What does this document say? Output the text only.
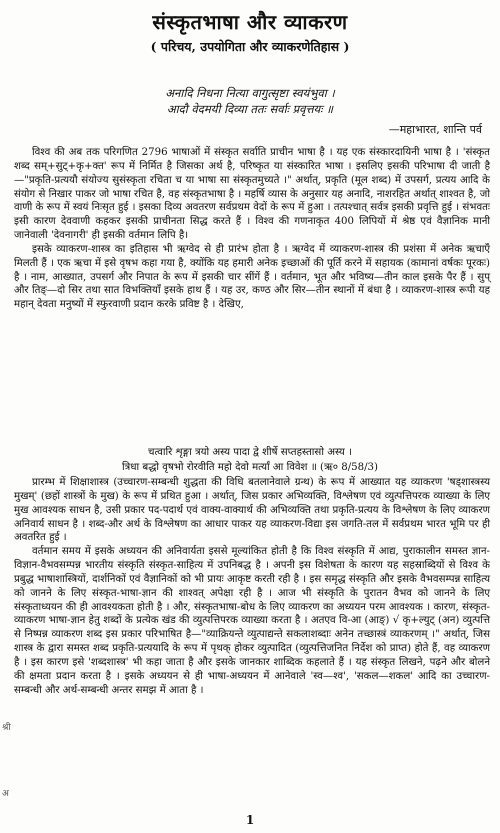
संस्कृतभाषा और व्याकरण
( परिचय, उपयोगिता और व्याकरणेतिहास )
अनादि निधना नित्या वागुत्सृष्टा स्वयंभुवा ।
आदौ वेदमयी दिव्या ततः सर्वाः प्रवृत्तयः ॥
—महाभारत, शान्ति पर्व

विश्व की अब तक परिगणित 2796 भाषाओं में संस्कृत सर्वाति प्राचीन भाषा है । यह एक संस्कारदायिनी भाषा है । 'संस्कृत शब्द सम्+सुट्+कृ+क्त' रूप में निर्मित है जिसका अर्थ है, परिष्कृत या संस्कारित भाषा । इसलिए इसकी परिभाषा दी जाती है—"प्रकृति-प्रत्ययौ संयोज्य सुसंस्कृता रचिता च या भाषा सा संस्कृतमुच्यते ।" अर्थात्, प्रकृति (मूल शब्द) में उपसर्ग, प्रत्यय आदि के संयोग से निखार पाकर जो भाषा रचित है, वह संस्कृतभाषा है । महर्षि व्यास के अनुसार यह अनादि, नाशरहित अर्थात् शाश्वत है, जो वाणी के रूप में स्वयं निःसृत हुई । इसका दिव्य अवतरण सर्वप्रथम वेदों के रूप में हुआ । तत्पश्चात् सर्वत्र इसकी प्रवृत्ति हुई । संभवतः इसी कारण देववाणी कहकर इसकी प्राचीनता सिद्ध करते हैं । विश्व की गणनाकृत 400 लिपियों में श्रेष्ठ एवं वैज्ञानिक मानी जानेवाली 'देवनागरी' ही इसकी वर्तमान लिपि है।

इसके व्याकरण-शास्त्र का इतिहास भी ऋग्वेद से ही प्रारंभ होता है । ऋग्वेद में व्याकरण-शास्त्र की प्रशंसा में अनेक ऋचाएँ मिलती हैं । एक ऋचा में इसे वृषभ कहा गया है, क्योंकि यह हमारी अनेक इच्छाओं की पूर्ति करने में सहायक (कामानां वर्षकः पूरकः) है । नाम, आख्यात, उपसर्ग और निपात के रूप में इसकी चार सींगें हैं । वर्तमान, भूत और भविष्य—तीन काल इसके पैर हैं । सुप् और तिङ्—दो सिर तथा सात विभक्तियाँ इसके हाथ हैं । यह उर, कण्ठ और सिर—तीन स्थानों में बंधा है । व्याकरण-शास्त्र रूपी यह महान् देवता मनुष्यों में स्फुरवाणी प्रदान करके प्रविष्ट है । देखिए,

चत्वारि शृङ्गा त्रयो अस्य पादा द्वे शीर्षे सप्तहस्तासो अस्य ।
त्रिधा बद्धो वृषभो रोरवीति महो देवो मर्त्यां आ विवेश ॥ (ऋ० 8/58/3)

प्रारम्भ में शिक्षाशास्त्र (उच्चारण-सम्बन्धी शुद्धता की विधि बतलानेवाले ग्रन्थ) के रूप में आख्यात यह व्याकरण 'षड्शास्त्रस्य मुखम्' (छहों शास्त्रों के मुख) के रूप में प्रथित हुआ । अर्थात्, जिस प्रकार अभिव्यक्ति, विश्लेषण एवं व्युत्पत्तिपरक व्याख्या के लिए मुख आवश्यक साधन है, उसी प्रकार पद-पदार्थ एवं वाक्य-वाक्यार्थ की अभिव्यक्ति तथा प्रकृति-प्रत्यय के विश्लेषण के लिए व्याकरण अनिवार्य साधन है । शब्द-और अर्थ के विश्लेषण का आधार पाकर यह व्याकरण-विद्या इस जगति-तल में सर्वप्रथम भारत भूमि पर ही अवतरित हुई ।

वर्तमान समय में इसके अध्ययन की अनिवार्यता इससे मूल्यांकित होती है कि विश्व संस्कृति में आद्य, पुराकालीन समस्त ज्ञान-विज्ञान-वैभवसम्पन्न भारतीय संस्कृति संस्कृत-साहित्य में उपनिबद्ध है । अपनी इस विशेषता के कारण यह सहस्राब्दियों से विश्व के प्रबुद्ध भाषाशास्त्रियों, दार्शनिकों एवं वैज्ञानिकों को भी प्रायः आकृष्ट करती रही है । इस समृद्ध संस्कृति और इसके वैभवसम्पन्न साहित्य को जानने के लिए संस्कृत-भाषा-ज्ञान की शाश्वत् अपेक्षा रही है । आज भी संस्कृति के पुरातन वैभव को जानने के लिए संस्कृताध्ययन की ही आवश्यकता होती है । और, संस्कृतभाषा-बोध के लिए व्याकरण का अध्ययन परम आवश्यक । कारण, संस्कृत-व्याकरण भाषा-ज्ञान हेतु शब्दों के प्रत्येक खंड की व्युत्पत्तिपरक व्याख्या करता है । अतएव वि-आ (आङ्) √ कृ+ल्युट् (अन) व्युत्पत्ति से निष्पन्न व्याकरण शब्द इस प्रकार परिभाषित है—"व्याक्रियन्ते व्युत्पाद्यन्ते सकलाशब्दाः अनेन तच्छास्त्रं व्याकरणम् ।" अर्थात्, जिस शास्त्र के द्वारा समस्त शब्द प्रकृति-प्रत्ययादि के रूप में पृथक् होकर व्युत्पादित (व्युत्पत्तिजनित निर्देश को प्राप्त) होते हैं, वह व्याकरण है । इस कारण इसे 'शब्दशास्त्र' भी कहा जाता है और इसके जानकार शाब्दिक कहलाते हैं । यह संस्कृत लिखने, पढ़ने और बोलने की क्षमता प्रदान करता है । इसके अध्ययन से ही भाषा-अध्ययन में आनेवाले 'स्व—श्व', 'सकल—शकल' आदि का उच्चारण-सम्बन्धी और अर्थ-सम्बन्धी अन्तर समझ में आता है ।

श्री
अ
1
